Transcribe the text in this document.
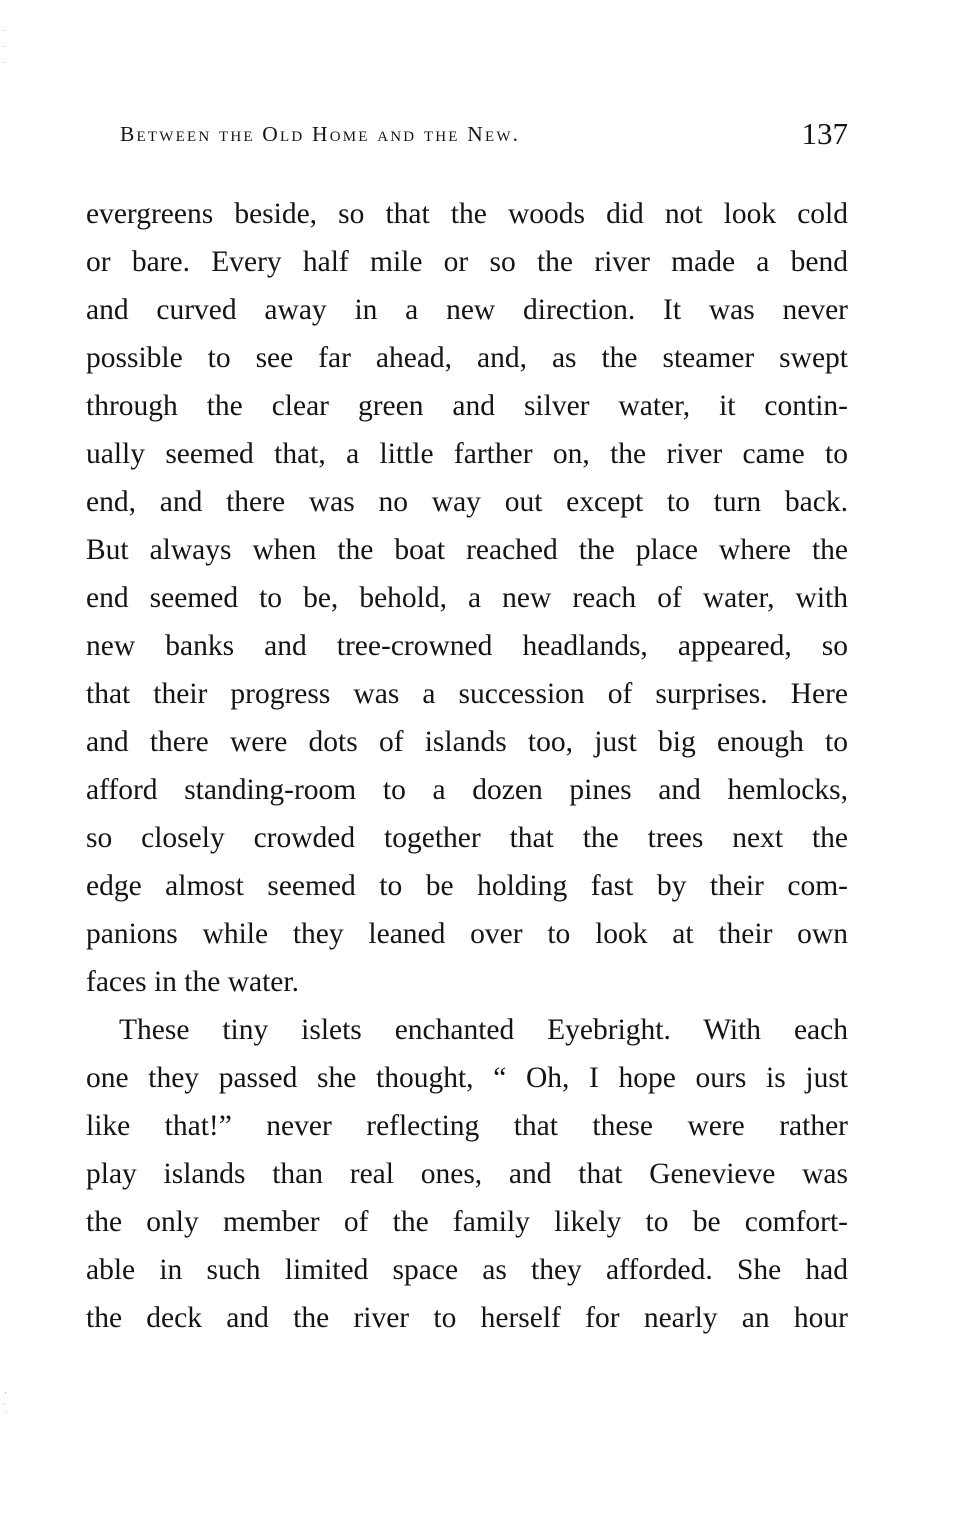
Between the Old Home and the New.	137
evergreens beside, so that the woods did not look cold
or bare. Every half mile or so the river made a bend
and curved away in a new direction. It was never
possible to see far ahead, and, as the steamer swept
through the clear green and silver water, it contin-
ually seemed that, a little farther on, the river came to
end, and there was no way out except to turn back.
But always when the boat reached the place where the
end seemed to be, behold, a new reach of water, with
new banks and tree-crowned headlands, appeared, so
that their progress was a succession of surprises. Here
and there were dots of islands too, just big enough to
afford standing-room to a dozen pines and hemlocks,
so closely crowded together that the trees next the
edge almost seemed to be holding fast by their com-
panions while they leaned over to look at their own
faces in the water.
These tiny islets enchanted Eyebright. With each
one they passed she thought, “ Oh, I hope ours is just
like that!” never reflecting that these were rather
play islands than real ones, and that Genevieve was
the only member of the family likely to be comfort-
able in such limited space as they afforded. She had
the deck and the river to herself for nearly an hour
